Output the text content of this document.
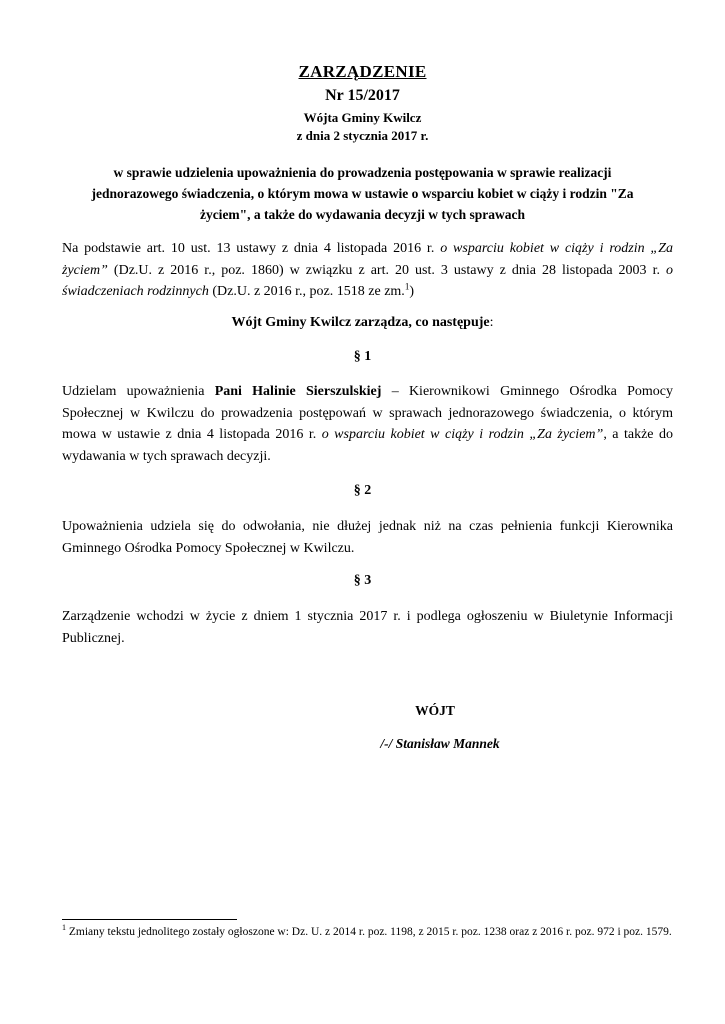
ZARZĄDZENIE
Nr 15/2017
Wójta Gminy Kwilcz
z dnia 2 stycznia 2017 r.
w sprawie udzielenia upoważnienia do prowadzenia postępowania w sprawie realizacji
jednorazowego świadczenia, o którym mowa w ustawie o wsparciu kobiet w ciąży i rodzin "Za
życiem", a także do wydawania decyzji w tych sprawach
Na podstawie art. 10 ust. 13 ustawy z dnia 4 listopada 2016 r. o wsparciu kobiet w ciąży i rodzin „Za życiem” (Dz.U. z 2016 r., poz. 1860) w związku z art. 20 ust. 3 ustawy z dnia 28 listopada 2003 r. o świadczeniach rodzinnych (Dz.U. z 2016 r., poz. 1518 ze zm.$^1$)
Wójt Gminy Kwilcz zarządza, co następuje:
§ 1
Udzielam upoważnienia Pani Halinie Sierszulskiej – Kierownikowi Gminnego Ośrodka Pomocy Społecznej w Kwilczu do prowadzenia postępowań w sprawach jednorazowego świadczenia, o którym mowa w ustawie z dnia 4 listopada 2016 r. o wsparciu kobiet w ciąży i rodzin „Za życiem”, a także do wydawania w tych sprawach decyzji.
§ 2
Upoważnienia udziela się do odwołania, nie dłużej jednak niż na czas pełnienia funkcji Kierownika Gminnego Ośrodka Pomocy Społecznej w Kwilczu.
§ 3
Zarządzenie wchodzi w życie z dniem 1 stycznia 2017 r. i podlega ogłoszeniu w Biuletynie Informacji Publicznej.
WÓJT
/-/ Stanisław Mannek
$^1$ Zmiany tekstu jednolitego zostały ogłoszone w: Dz. U. z 2014 r. poz. 1198, z 2015 r. poz. 1238 oraz z 2016 r. poz. 972 i poz. 1579.
